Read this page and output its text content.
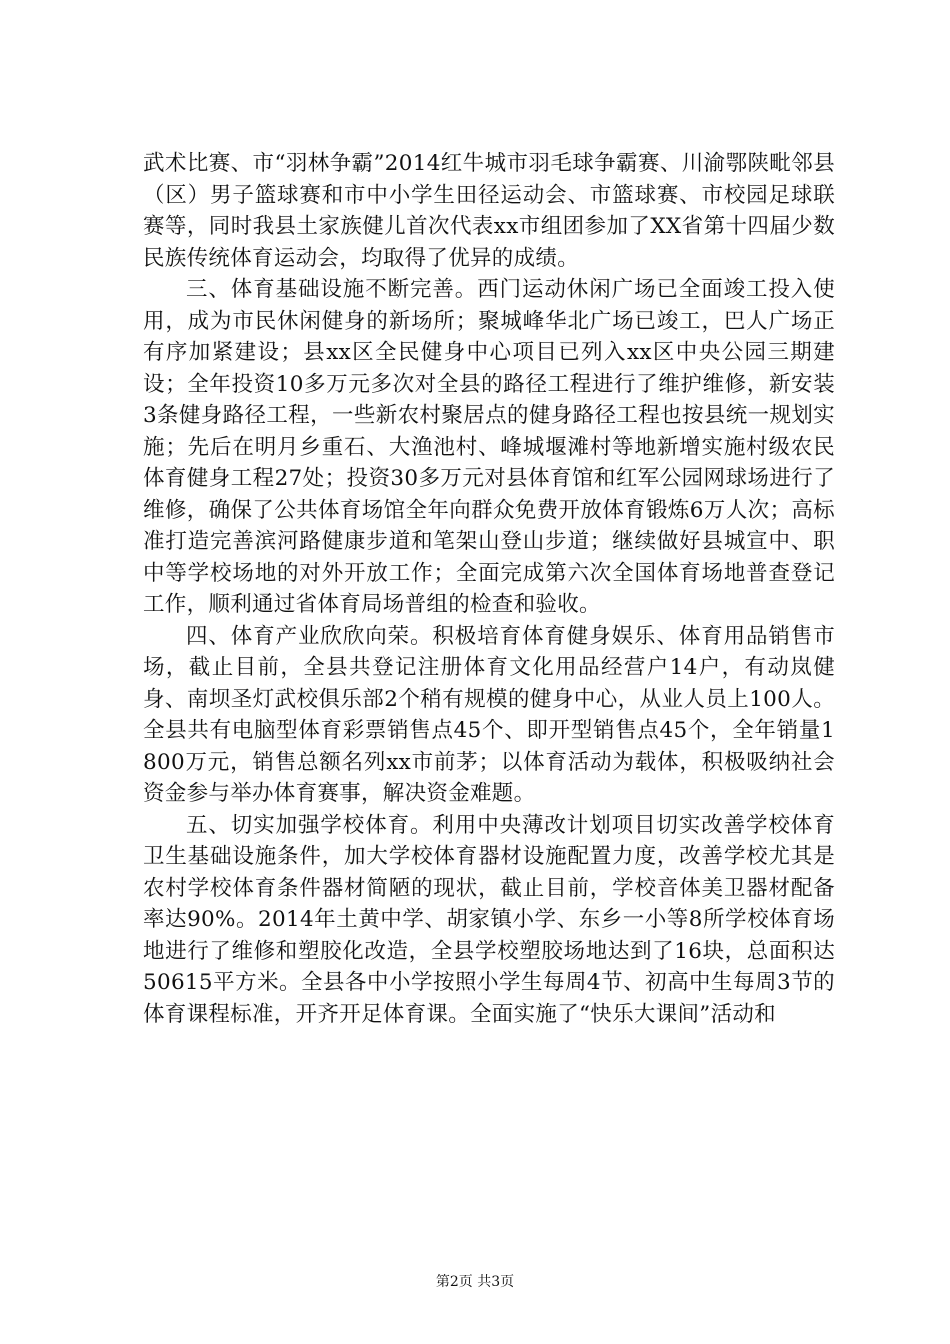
武术比赛、市“羽林争霸”2014红牛城市羽毛球争霸赛、川渝鄂陕毗邻县（区）男子篮球赛和市中小学生田径运动会、市篮球赛、市校园足球联赛等，同时我县土家族健儿首次代表xx市组团参加了XX省第十四届少数民族传统体育运动会，均取得了优异的成绩。

三、体育基础设施不断完善。西门运动休闲广场已全面竣工投入使用，成为市民休闲健身的新场所；聚城峰华北广场已竣工，巴人广场正有序加紧建设；县xx区全民健身中心项目已列入xx区中央公园三期建设；全年投资10多万元多次对全县的路径工程进行了维护维修，新安装3条健身路径工程，一些新农村聚居点的健身路径工程也按县统一规划实施；先后在明月乡重石、大渔池村、峰城堰滩村等地新增实施村级农民体育健身工程27处；投资30多万元对县体育馆和红军公园网球场进行了维修，确保了公共体育场馆全年向群众免费开放体育锻炼6万人次；高标准打造完善滨河路健康步道和笔架山登山步道；继续做好县城宣中、职中等学校场地的对外开放工作；全面完成第六次全国体育场地普查登记工作，顺利通过省体育局场普组的检查和验收。

四、体育产业欣欣向荣。积极培育体育健身娱乐、体育用品销售市场，截止目前，全县共登记注册体育文化用品经营户14户，有动岚健身、南坝圣灯武校俱乐部2个稍有规模的健身中心，从业人员上100人。全县共有电脑型体育彩票销售点45个、即开型销售点45个，全年销量1800万元，销售总额名列xx市前茅；以体育活动为载体，积极吸纳社会资金参与举办体育赛事，解决资金难题。

五、切实加强学校体育。利用中央薄改计划项目切实改善学校体育卫生基础设施条件，加大学校体育器材设施配置力度，改善学校尤其是农村学校体育条件器材简陋的现状，截止目前，学校音体美卫器材配备率达90%。2014年土黄中学、胡家镇小学、东乡一小等8所学校体育场地进行了维修和塑胶化改造，全县学校塑胶场地达到了16块，总面积达50615平方米。全县各中小学按照小学生每周4节、初高中生每周3节的体育课程标准，开齐开足体育课。全面实施了“快乐大课间”活动和

第2页 共3页
